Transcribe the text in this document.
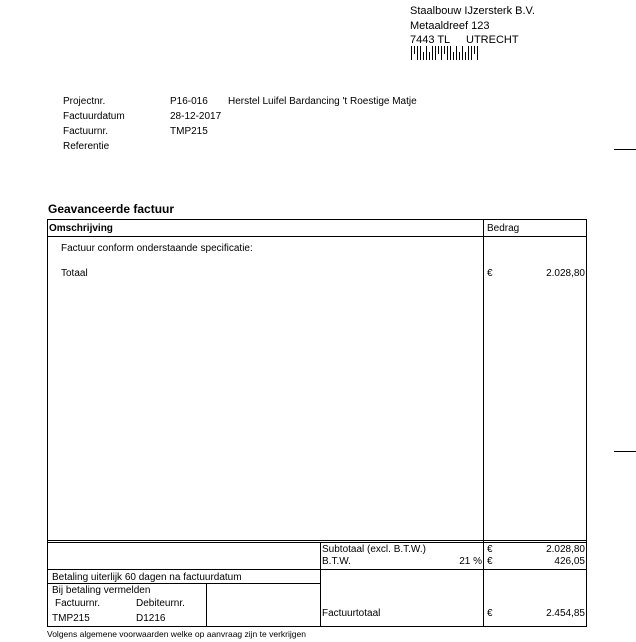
Staalbouw IJzersterk B.V.
Metaaldreef 123
7443 TL UTRECHT
Projectnr.	P16-016 Herstel Luifel Bardancing 't Roestige Matje
Factuurdatum	28-12-2017
Factuurnr.	TMP215
Referentie
Geavanceerde factuur
Omschrijving	Bedrag
Factuur conform onderstaande specificatie:
Totaal	€	2.028,80
Subtotaal (excl. B.T.W.)	€	2.028,80
B.T.W.	21 % €	426,05
Betaling uiterlijk 60 dagen na factuurdatum
Bij betaling vermelden
Factuurnr.	Debiteurnr.
TMP215	D1216	Factuurtotaal	€	2.454,85
Volgens algemene voorwaarden welke op aanvraag zijn te verkrijgen
